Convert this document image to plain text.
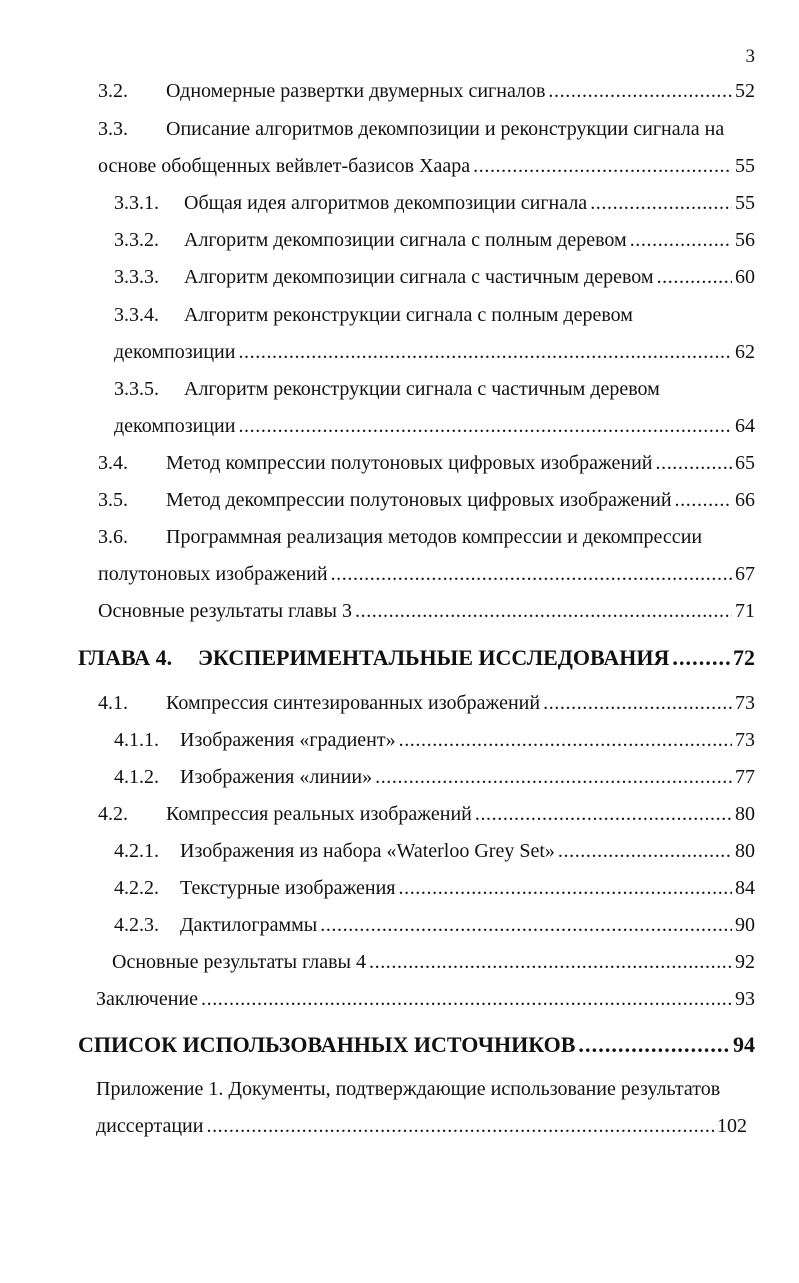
3
3.2.	Одномерные развертки двумерных сигналов . . .	52
3.3.	Описание алгоритмов декомпозиции и реконструкции сигнала на
основе обобщенных вейвлет-базисов Хаара . . .	55
3.3.1.	Общая идея алгоритмов декомпозиции сигнала . . .	55
3.3.2.	Алгоритм декомпозиции сигнала с полным деревом . . .	56
3.3.3.	Алгоритм декомпозиции сигнала с частичным деревом . . .	60
3.3.4.	Алгоритм реконструкции сигнала с полным деревом
декомпозиции . . .	62
3.3.5.	Алгоритм реконструкции сигнала с частичным деревом
декомпозиции . . .	64
3.4.	Метод компрессии полутоновых цифровых изображений . . .	65
3.5.	Метод декомпрессии полутоновых цифровых изображений . . .	66
3.6.	Программная реализация методов компрессии и декомпрессии
полутоновых изображений . . .	67
Основные результаты главы 3 . . .	71
ГЛАВА 4.	ЭКСПЕРИМЕНТАЛЬНЫЕ ИССЛЕДОВАНИЯ . . .	72
4.1.	Компрессия синтезированных изображений . . .	73
4.1.1.	Изображения «градиент» . . .	73
4.1.2.	Изображения «линии» . . .	77
4.2.	Компрессия реальных изображений . . .	80
4.2.1.	Изображения из набора «Waterloo Grey Set» . . .	80
4.2.2.	Текстурные изображения . . .	84
4.2.3.	Дактилограммы . . .	90
Основные результаты главы 4 . . .	92
Заключение . . .	93
СПИСОК ИСПОЛЬЗОВАННЫХ ИСТОЧНИКОВ . . .	94
Приложение 1. Документы, подтверждающие использование результатов
диссертации . . .	102
